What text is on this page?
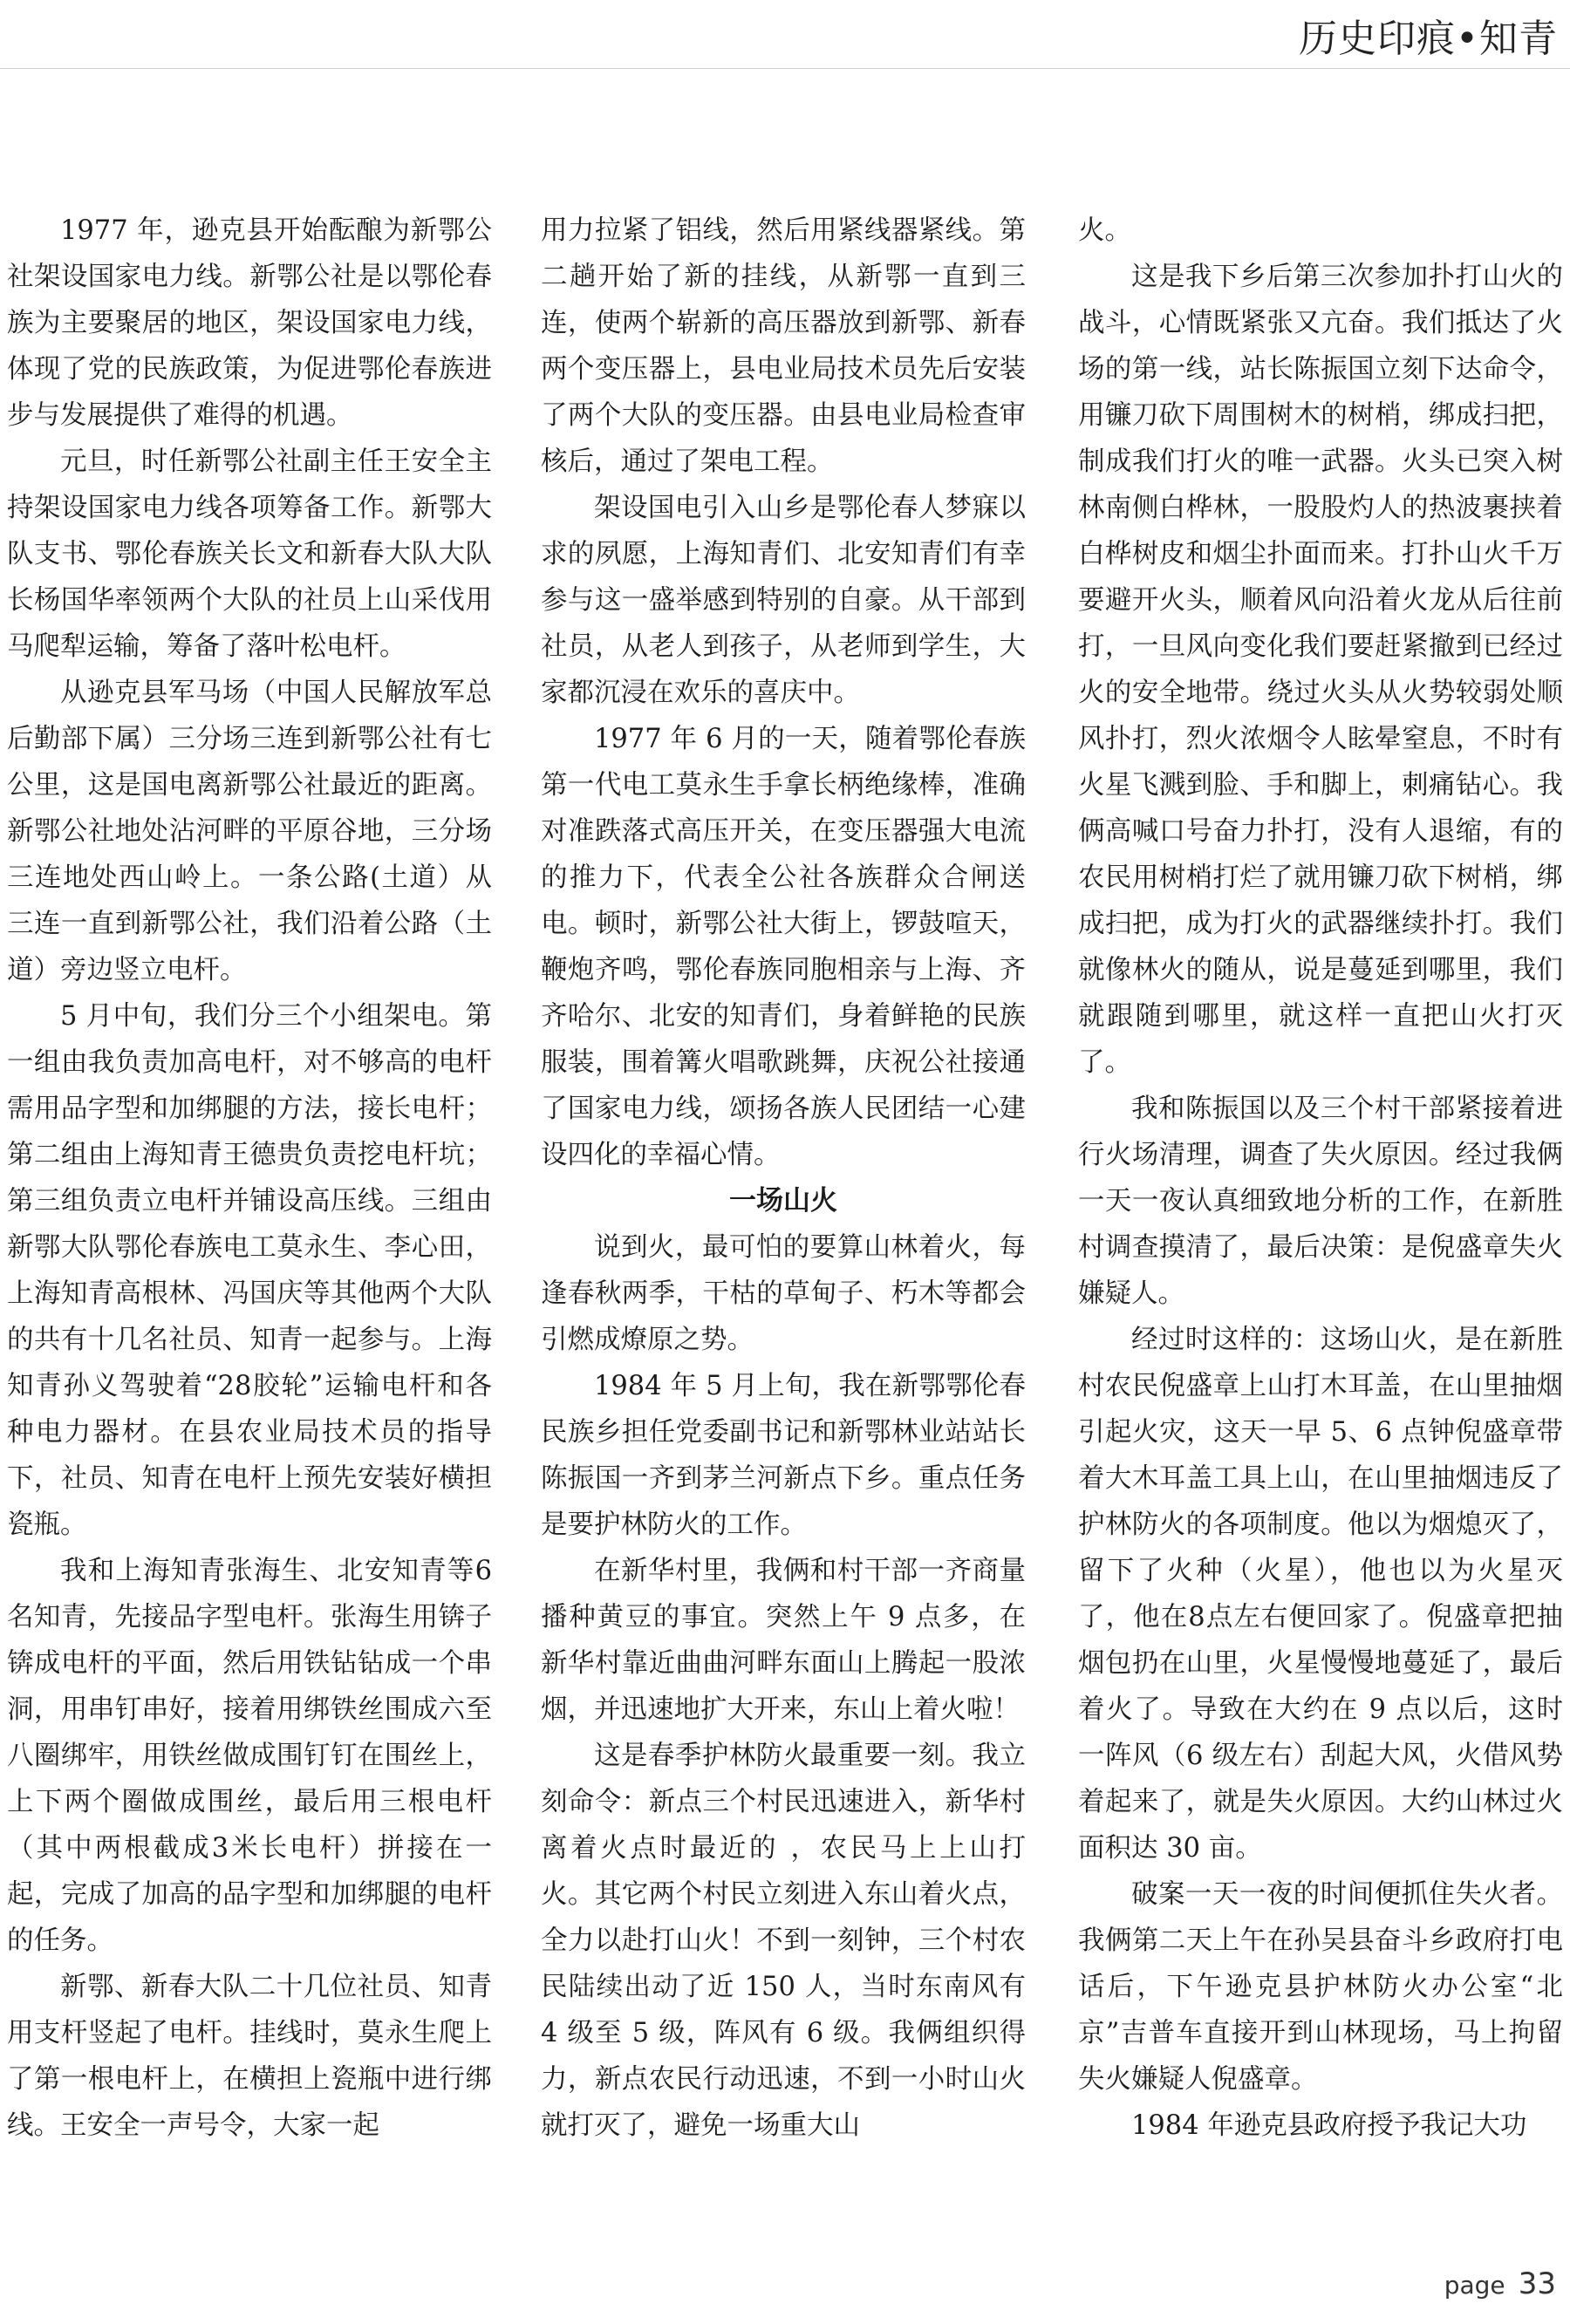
历史印痕•知青

1977 年，逊克县开始酝酿为新鄂公社架设国家电力线。新鄂公社是以鄂伦春族为主要聚居的地区，架设国家电力线，体现了党的民族政策，为促进鄂伦春族进步与发展提供了难得的机遇。

元旦，时任新鄂公社副主任王安全主持架设国家电力线各项筹备工作。新鄂大队支书、鄂伦春族关长文和新春大队大队长杨国华率领两个大队的社员上山采伐用马爬犁运输，筹备了落叶松电杆。

从逊克县军马场（中国人民解放军总后勤部下属）三分场三连到新鄂公社有七公里，这是国电离新鄂公社最近的距离。新鄂公社地处沾河畔的平原谷地，三分场三连地处西山岭上。一条公路(土道）从三连一直到新鄂公社，我们沿着公路（土道）旁边竖立电杆。

5 月中旬，我们分三个小组架电。第一组由我负责加高电杆，对不够高的电杆需用品字型和加绑腿的方法，接长电杆；第二组由上海知青王德贵负责挖电杆坑；第三组负责立电杆并铺设高压线。三组由新鄂大队鄂伦春族电工莫永生、李心田，上海知青高根林、冯国庆等其他两个大队的共有十几名社员、知青一起参与。上海知青孙义驾驶着“28胶轮”运输电杆和各种电力器材。在县农业局技术员的指导下，社员、知青在电杆上预先安装好横担瓷瓶。

我和上海知青张海生、北安知青等6 名知青，先接品字型电杆。张海生用锛子锛成电杆的平面，然后用铁钻钻成一个串洞，用串钉串好，接着用绑铁丝围成六至八圈绑牢，用铁丝做成围钉钉在围丝上，上下两个圈做成围丝，最后用三根电杆（其中两根截成3米长电杆）拼接在一起，完成了加高的品字型和加绑腿的电杆的任务。

新鄂、新春大队二十几位社员、知青用支杆竖起了电杆。挂线时，莫永生爬上了第一根电杆上，在横担上瓷瓶中进行绑线。王安全一声号令，大家一起

用力拉紧了铝线，然后用紧线器紧线。第二趟开始了新的挂线，从新鄂一直到三连，使两个崭新的高压器放到新鄂、新春两个变压器上，县电业局技术员先后安装了两个大队的变压器。由县电业局检查审核后，通过了架电工程。

架设国电引入山乡是鄂伦春人梦寐以求的夙愿，上海知青们、北安知青们有幸参与这一盛举感到特别的自豪。从干部到社员，从老人到孩子，从老师到学生，大家都沉浸在欢乐的喜庆中。

1977 年 6 月的一天，随着鄂伦春族第一代电工莫永生手拿长柄绝缘棒，准确对准跌落式高压开关，在变压器强大电流的推力下，代表全公社各族群众合闸送电。顿时，新鄂公社大街上，锣鼓喧天，鞭炮齐鸣，鄂伦春族同胞相亲与上海、齐齐哈尔、北安的知青们，身着鲜艳的民族服装，围着篝火唱歌跳舞，庆祝公社接通了国家电力线，颂扬各族人民团结一心建设四化的幸福心情。

一场山火

说到火，最可怕的要算山林着火，每逢春秋两季，干枯的草甸子、朽木等都会引燃成燎原之势。

1984 年 5 月上旬，我在新鄂鄂伦春民族乡担任党委副书记和新鄂林业站站长陈振国一齐到茅兰河新点下乡。重点任务是要护林防火的工作。

在新华村里，我俩和村干部一齐商量播种黄豆的事宜。突然上午 9 点多，在新华村靠近曲曲河畔东面山上腾起一股浓烟，并迅速地扩大开来，东山上着火啦！

这是春季护林防火最重要一刻。我立刻命令：新点三个村民迅速进入，新华村离着火点时最近的 ，农民马上上山打火。其它两个村民立刻进入东山着火点，全力以赴打山火！不到一刻钟，三个村农民陆续出动了近 150 人，当时东南风有 4 级至 5 级，阵风有 6 级。我俩组织得力，新点农民行动迅速，不到一小时山火就打灭了，避免一场重大山

火。

这是我下乡后第三次参加扑打山火的战斗，心情既紧张又亢奋。我们抵达了火场的第一线，站长陈振国立刻下达命令，用镰刀砍下周围树木的树梢，绑成扫把，制成我们打火的唯一武器。火头已突入树林南侧白桦林，一股股灼人的热波裹挟着白桦树皮和烟尘扑面而来。打扑山火千万要避开火头，顺着风向沿着火龙从后往前打，一旦风向变化我们要赶紧撤到已经过火的安全地带。绕过火头从火势较弱处顺风扑打，烈火浓烟令人眩晕窒息，不时有火星飞溅到脸、手和脚上，刺痛钻心。我俩高喊口号奋力扑打，没有人退缩，有的农民用树梢打烂了就用镰刀砍下树梢，绑成扫把，成为打火的武器继续扑打。我们就像林火的随从，说是蔓延到哪里，我们就跟随到哪里，就这样一直把山火打灭了。

我和陈振国以及三个村干部紧接着进行火场清理，调查了失火原因。经过我俩一天一夜认真细致地分析的工作，在新胜村调查摸清了，最后决策：是倪盛章失火嫌疑人。

经过时这样的：这场山火，是在新胜村农民倪盛章上山打木耳盖，在山里抽烟引起火灾，这天一早 5、6 点钟倪盛章带着大木耳盖工具上山，在山里抽烟违反了护林防火的各项制度。他以为烟熄灭了，留下了火种（火星），他也以为火星灭了，他在8点左右便回家了。倪盛章把抽烟包扔在山里，火星慢慢地蔓延了，最后着火了。导致在大约在 9 点以后，这时一阵风（6 级左右）刮起大风，火借风势着起来了，就是失火原因。大约山林过火面积达 30 亩。

破案一天一夜的时间便抓住失火者。我俩第二天上午在孙吴县奋斗乡政府打电话后，下午逊克县护林防火办公室“北京”吉普车直接开到山林现场，马上拘留失火嫌疑人倪盛章。

1984 年逊克县政府授予我记大功

page 33
